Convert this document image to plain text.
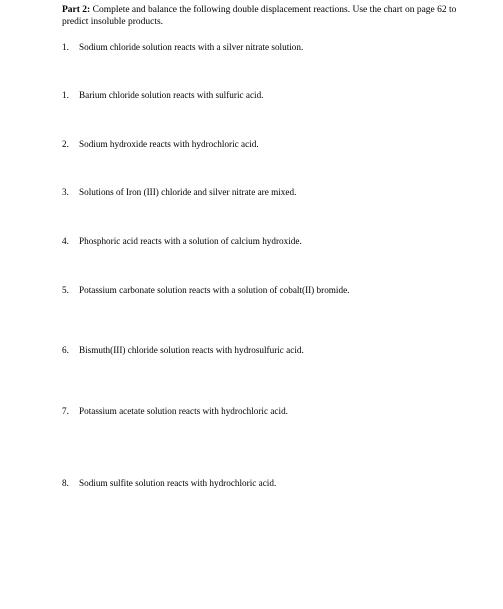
Part 2: Complete and balance the following double displacement reactions. Use the chart on page 62 to predict insoluble products.
1. Sodium chloride solution reacts with a silver nitrate solution.
1. Barium chloride solution reacts with sulfuric acid.
2. Sodium hydroxide reacts with hydrochloric acid.
3. Solutions of Iron (III) chloride and silver nitrate are mixed.
4. Phosphoric acid reacts with a solution of calcium hydroxide.
5. Potassium carbonate solution reacts with a solution of cobalt(II) bromide.
6. Bismuth(III) chloride solution reacts with hydrosulfuric acid.
7. Potassium acetate solution reacts with hydrochloric acid.
8. Sodium sulfite solution reacts with hydrochloric acid.
